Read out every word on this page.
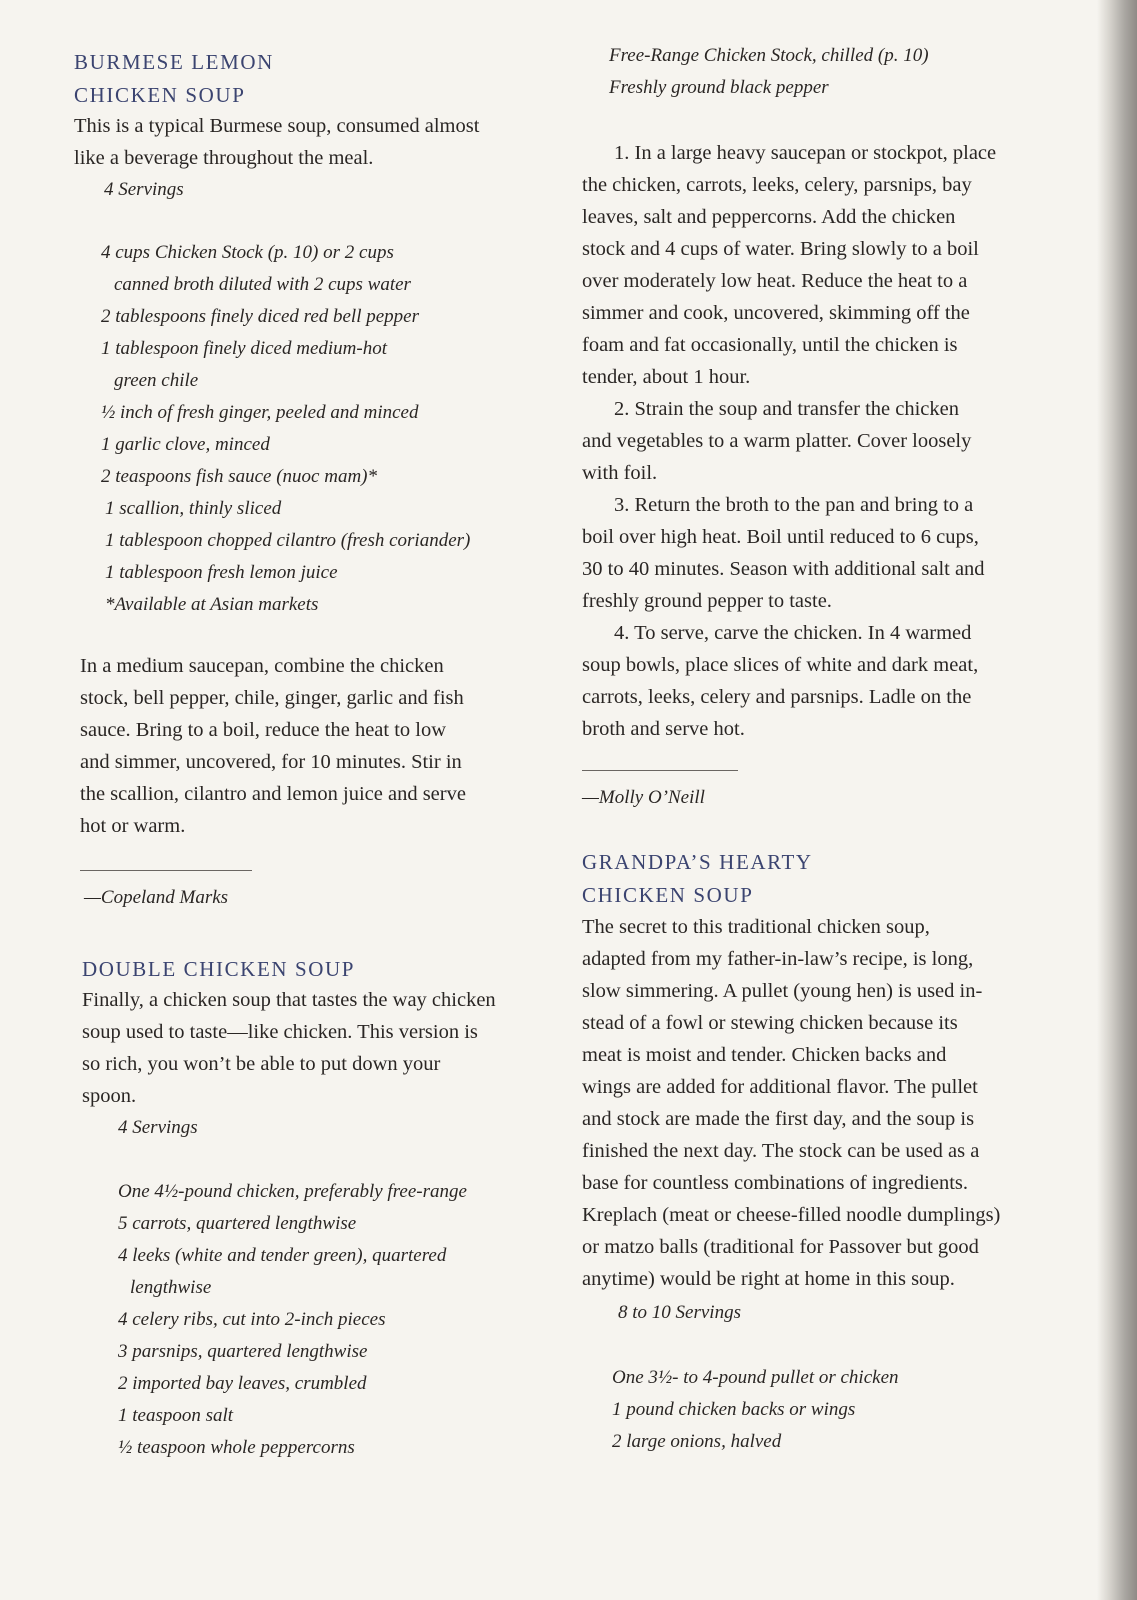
BURMESE LEMON
CHICKEN SOUP
This is a typical Burmese soup, consumed almost
like a beverage throughout the meal.
4 Servings
4 cups Chicken Stock (p. 10) or 2 cups
canned broth diluted with 2 cups water
2 tablespoons finely diced red bell pepper
1 tablespoon finely diced medium-hot
green chile
½ inch of fresh ginger, peeled and minced
1 garlic clove, minced
2 teaspoons fish sauce (nuoc mam)*
1 scallion, thinly sliced
1 tablespoon chopped cilantro (fresh coriander)
1 tablespoon fresh lemon juice
*Available at Asian markets
In a medium saucepan, combine the chicken
stock, bell pepper, chile, ginger, garlic and fish
sauce. Bring to a boil, reduce the heat to low
and simmer, uncovered, for 10 minutes. Stir in
the scallion, cilantro and lemon juice and serve
hot or warm.
—Copeland Marks
DOUBLE CHICKEN SOUP
Finally, a chicken soup that tastes the way chicken
soup used to taste—like chicken. This version is
so rich, you won’t be able to put down your
spoon.
4 Servings
One 4½-pound chicken, preferably free-range
5 carrots, quartered lengthwise
4 leeks (white and tender green), quartered
lengthwise
4 celery ribs, cut into 2-inch pieces
3 parsnips, quartered lengthwise
2 imported bay leaves, crumbled
1 teaspoon salt
½ teaspoon whole peppercorns
Free-Range Chicken Stock, chilled (p. 10)
Freshly ground black pepper
1. In a large heavy saucepan or stockpot, place
the chicken, carrots, leeks, celery, parsnips, bay
leaves, salt and peppercorns. Add the chicken
stock and 4 cups of water. Bring slowly to a boil
over moderately low heat. Reduce the heat to a
simmer and cook, uncovered, skimming off the
foam and fat occasionally, until the chicken is
tender, about 1 hour.
2. Strain the soup and transfer the chicken
and vegetables to a warm platter. Cover loosely
with foil.
3. Return the broth to the pan and bring to a
boil over high heat. Boil until reduced to 6 cups,
30 to 40 minutes. Season with additional salt and
freshly ground pepper to taste.
4. To serve, carve the chicken. In 4 warmed
soup bowls, place slices of white and dark meat,
carrots, leeks, celery and parsnips. Ladle on the
broth and serve hot.
—Molly O’Neill
GRANDPA’S HEARTY
CHICKEN SOUP
The secret to this traditional chicken soup,
adapted from my father-in-law’s recipe, is long,
slow simmering. A pullet (young hen) is used in-
stead of a fowl or stewing chicken because its
meat is moist and tender. Chicken backs and
wings are added for additional flavor. The pullet
and stock are made the first day, and the soup is
finished the next day. The stock can be used as a
base for countless combinations of ingredients.
Kreplach (meat or cheese-filled noodle dumplings)
or matzo balls (traditional for Passover but good
anytime) would be right at home in this soup.
8 to 10 Servings
One 3½- to 4-pound pullet or chicken
1 pound chicken backs or wings
2 large onions, halved
